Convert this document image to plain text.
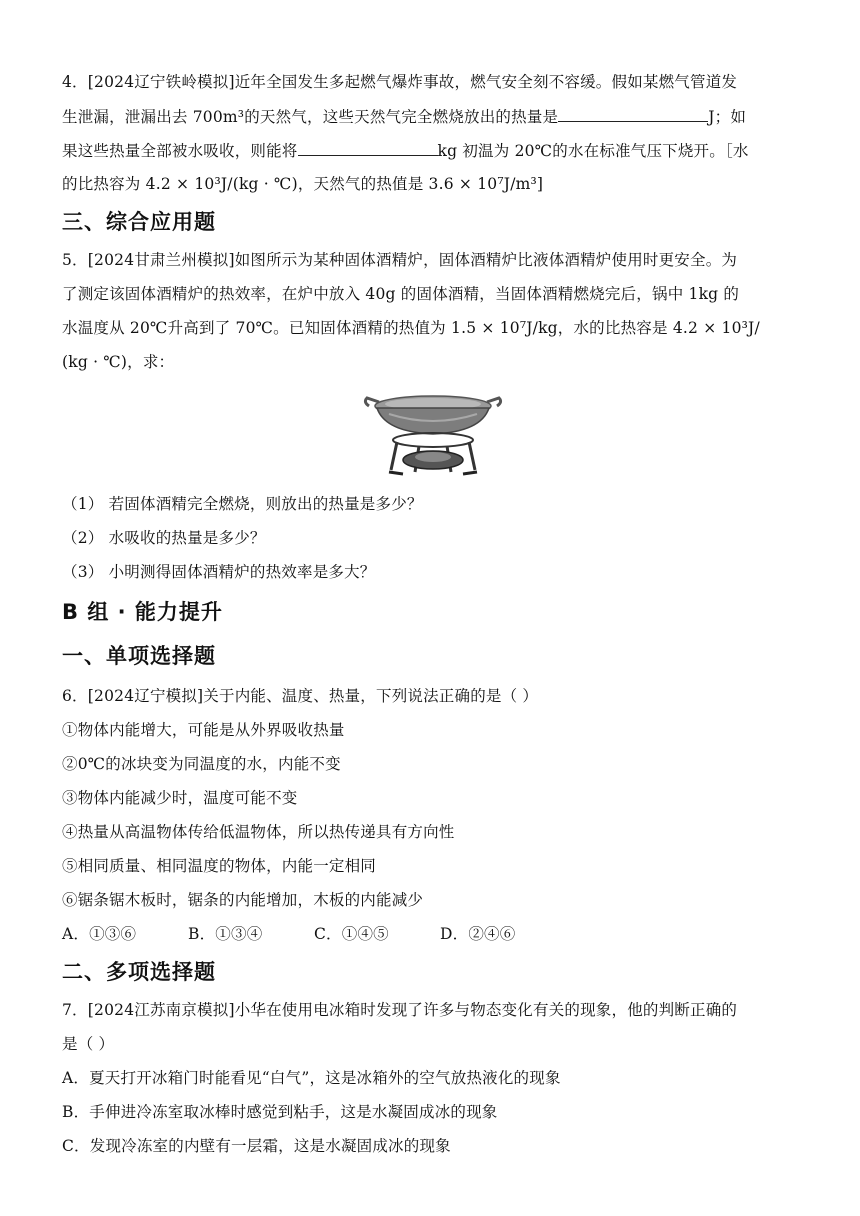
4．[2024辽宁铁岭模拟]近年全国发生多起燃气爆炸事故，燃气安全刻不容缓。假如某燃气管道发
生泄漏，泄漏出去 700m³的天然气，这些天然气完全燃烧放出的热量是	J；如
果这些热量全部被水吸收，则能将	kg 初温为 20℃的水在标准气压下烧开。［水
的比热容为 4.2 × 10³J/(kg · ℃)，天然气的热值是 3.6 × 10⁷J/m³]
三、综合应用题
5．[2024甘肃兰州模拟]如图所示为某种固体酒精炉，固体酒精炉比液体酒精炉使用时更安全。为
了测定该固体酒精炉的热效率，在炉中放入 40g 的固体酒精，当固体酒精燃烧完后，锅中 1kg 的
水温度从 20℃升高到了 70℃。已知固体酒精的热值为 1.5 × 10⁷J/kg，水的比热容是 4.2 × 10³J/
(kg · ℃)，求：
（1） 若固体酒精完全燃烧，则放出的热量是多少？
（2） 水吸收的热量是多少？
（3） 小明测得固体酒精炉的热效率是多大？
B 组 · 能力提升
一、单项选择题
6．[2024辽宁模拟]关于内能、温度、热量，下列说法正确的是（ ）
①物体内能增大，可能是从外界吸收热量
②0℃的冰块变为同温度的水，内能不变
③物体内能减少时，温度可能不变
④热量从高温物体传给低温物体，所以热传递具有方向性
⑤相同质量、相同温度的物体，内能一定相同
⑥锯条锯木板时，锯条的内能增加，木板的内能减少
A．①③⑥	B．①③④	C．①④⑤	D．②④⑥
二、多项选择题
7．[2024江苏南京模拟]小华在使用电冰箱时发现了许多与物态变化有关的现象，他的判断正确的
是（ ）
A．夏天打开冰箱门时能看见“白气”，这是冰箱外的空气放热液化的现象
B．手伸进冷冻室取冰棒时感觉到粘手，这是水凝固成冰的现象
C．发现冷冻室的内壁有一层霜，这是水凝固成冰的现象
